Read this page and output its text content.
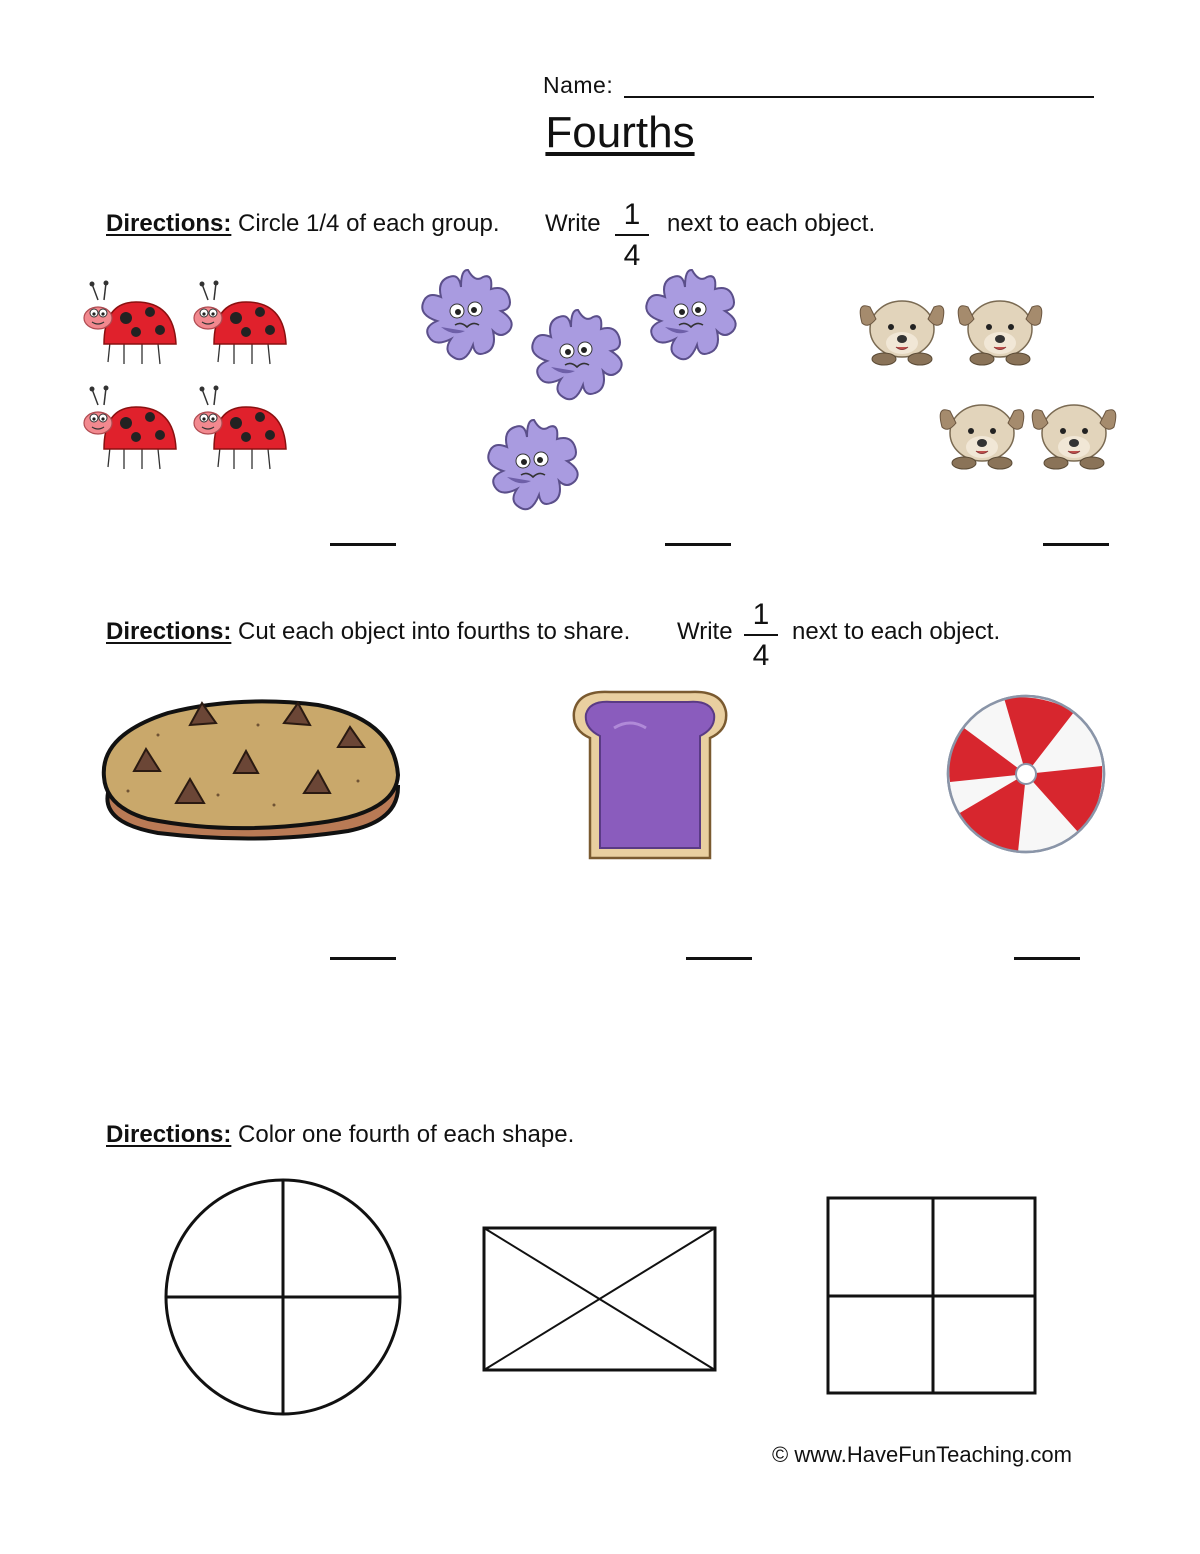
Name:
Fourths
Directions: Circle 1/4 of each group. Write 1
4
next to each object.
Directions: Cut each object into fourths to share. Write
1
4
next to each object.
Directions: Color one fourth of each shape.
© www.HaveFunTeaching.com
